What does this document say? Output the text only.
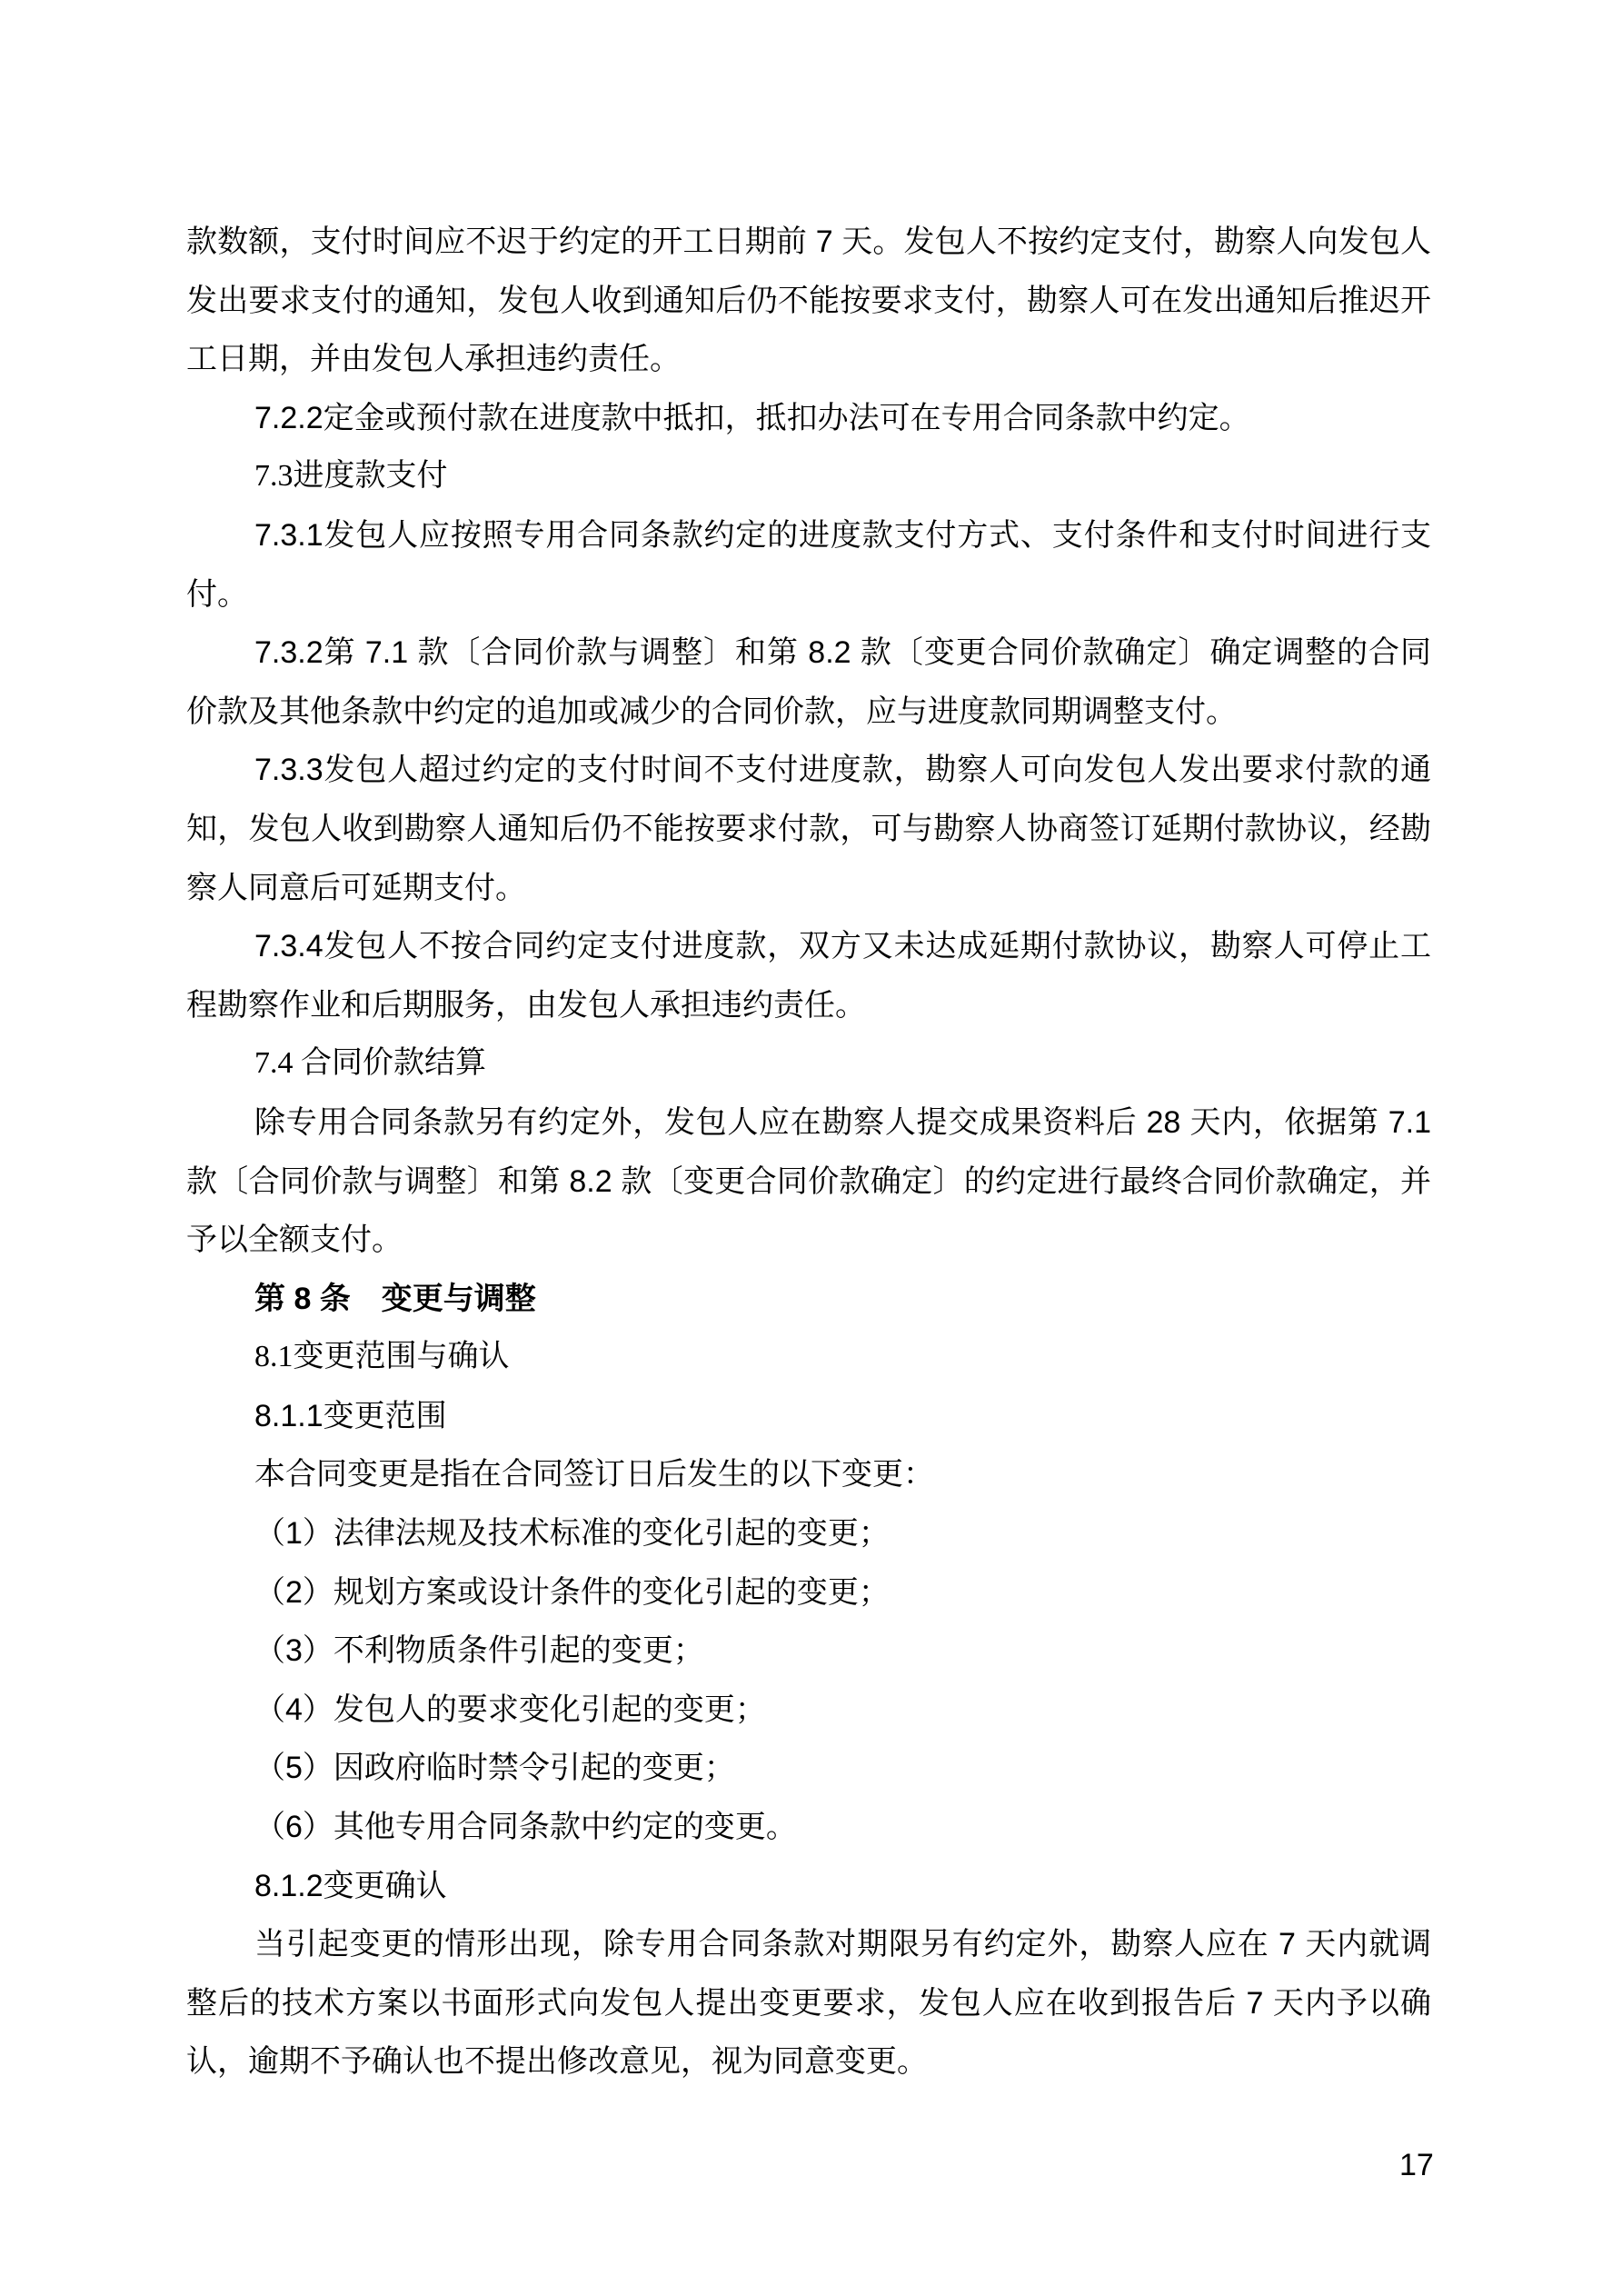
款数额，支付时间应不迟于约定的开工日期前 7 天。发包人不按约定支付，勘察人向发包人发出要求支付的通知，发包人收到通知后仍不能按要求支付，勘察人可在发出通知后推迟开工日期，并由发包人承担违约责任。

7.2.2定金或预付款在进度款中抵扣，抵扣办法可在专用合同条款中约定。

7.3进度款支付

7.3.1发包人应按照专用合同条款约定的进度款支付方式、支付条件和支付时间进行支付。

7.3.2第 7.1 款〔合同价款与调整〕和第 8.2 款〔变更合同价款确定〕确定调整的合同价款及其他条款中约定的追加或减少的合同价款，应与进度款同期调整支付。

7.3.3发包人超过约定的支付时间不支付进度款，勘察人可向发包人发出要求付款的通知，发包人收到勘察人通知后仍不能按要求付款，可与勘察人协商签订延期付款协议，经勘察人同意后可延期支付。

7.3.4发包人不按合同约定支付进度款，双方又未达成延期付款协议，勘察人可停止工程勘察作业和后期服务，由发包人承担违约责任。

7.4 合同价款结算

除专用合同条款另有约定外，发包人应在勘察人提交成果资料后 28 天内，依据第 7.1 款〔合同价款与调整〕和第 8.2 款〔变更合同价款确定〕的约定进行最终合同价款确定，并予以全额支付。

第 8 条　变更与调整

8.1变更范围与确认

8.1.1变更范围

本合同变更是指在合同签订日后发生的以下变更：

（1）法律法规及技术标准的变化引起的变更；

（2）规划方案或设计条件的变化引起的变更；

（3）不利物质条件引起的变更；

（4）发包人的要求变化引起的变更；

（5）因政府临时禁令引起的变更；

（6）其他专用合同条款中约定的变更。

8.1.2变更确认

当引起变更的情形出现，除专用合同条款对期限另有约定外，勘察人应在 7 天内就调整后的技术方案以书面形式向发包人提出变更要求，发包人应在收到报告后 7 天内予以确认，逾期不予确认也不提出修改意见，视为同意变更。

17
